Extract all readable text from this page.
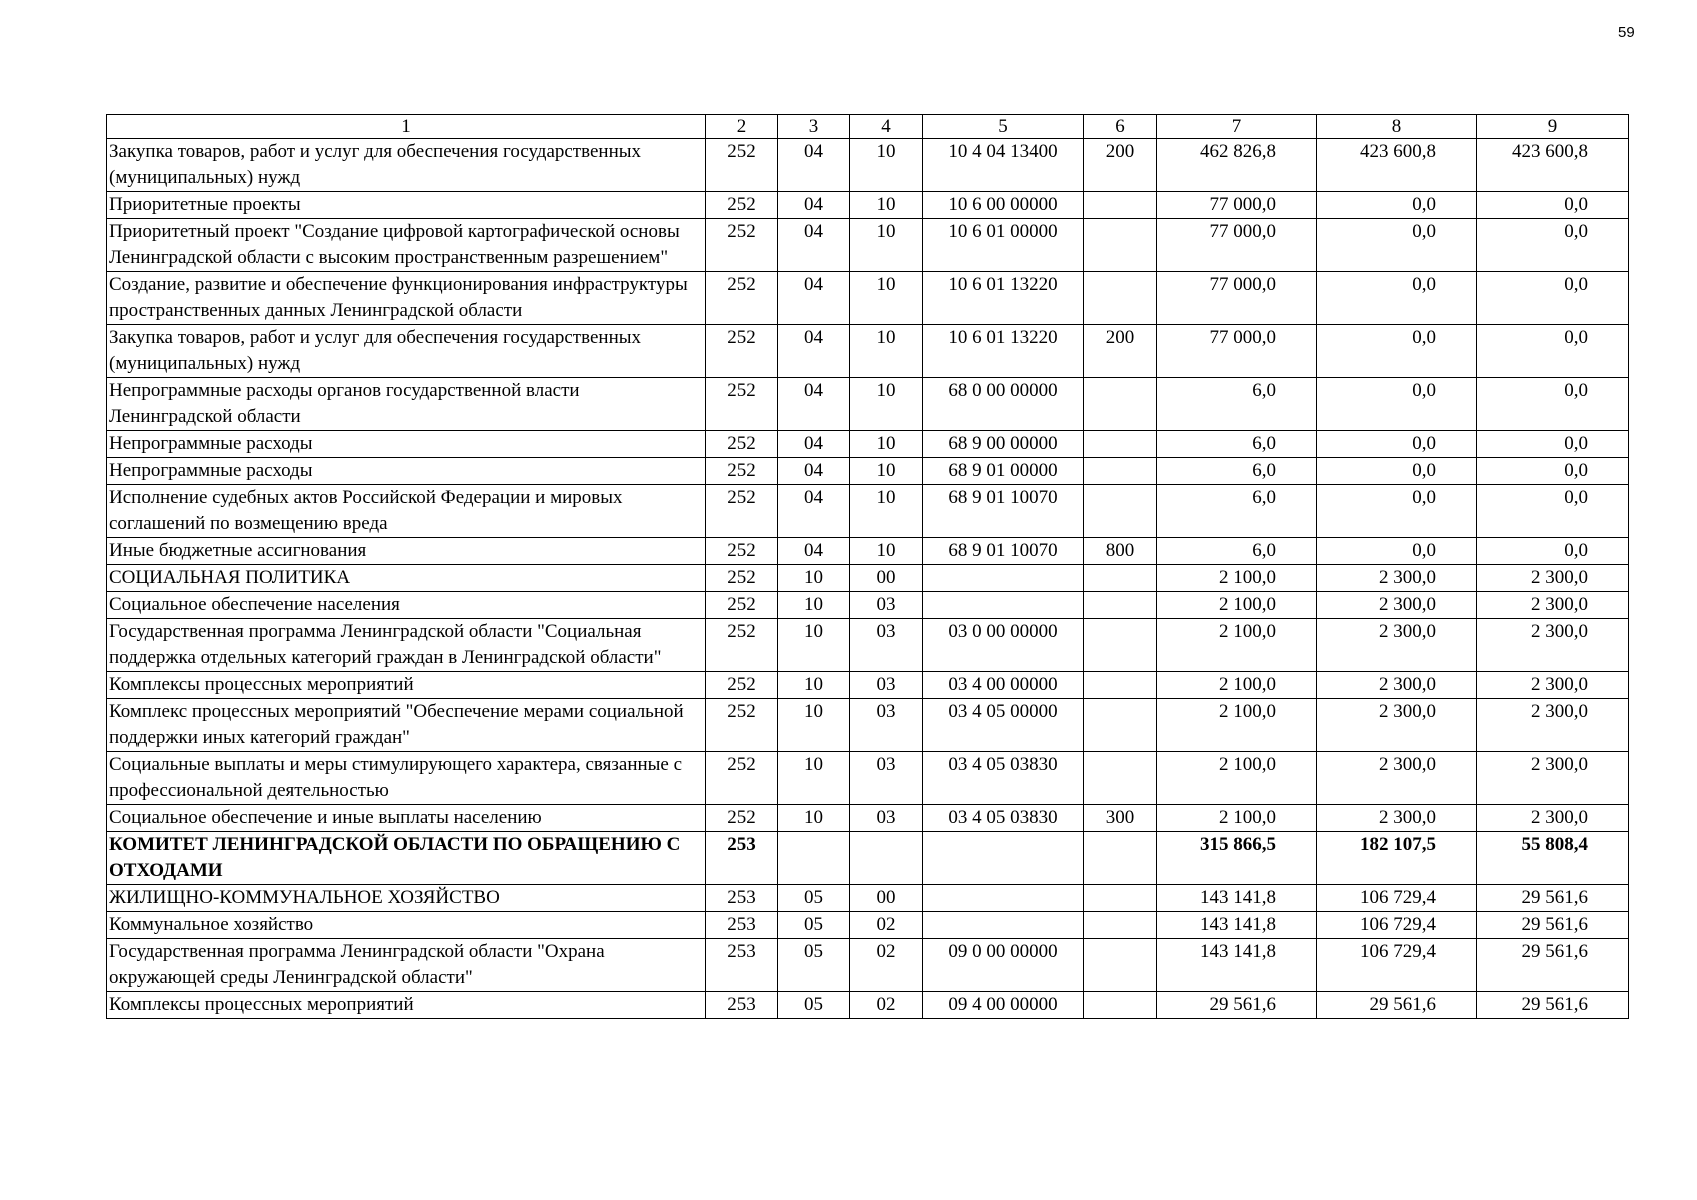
59
1	2	3	4	5	6	7	8	9
Закупка товаров, работ и услуг для обеспечения государственных (муниципальных) нужд	252	04	10	10 4 04 13400	200	462 826,8	423 600,8	423 600,8
Приоритетные проекты	252	04	10	10 6 00 00000		77 000,0	0,0	0,0
Приоритетный проект "Создание цифровой картографической основы Ленинградской области с высоким пространственным разрешением"	252	04	10	10 6 01 00000		77 000,0	0,0	0,0
Создание, развитие и обеспечение функционирования инфраструктуры пространственных данных Ленинградской области	252	04	10	10 6 01 13220		77 000,0	0,0	0,0
Закупка товаров, работ и услуг для обеспечения государственных (муниципальных) нужд	252	04	10	10 6 01 13220	200	77 000,0	0,0	0,0
Непрограммные расходы органов государственной власти Ленинградской области	252	04	10	68 0 00 00000		6,0	0,0	0,0
Непрограммные расходы	252	04	10	68 9 00 00000		6,0	0,0	0,0
Непрограммные расходы	252	04	10	68 9 01 00000		6,0	0,0	0,0
Исполнение судебных актов Российской Федерации и мировых соглашений по возмещению вреда	252	04	10	68 9 01 10070		6,0	0,0	0,0
Иные бюджетные ассигнования	252	04	10	68 9 01 10070	800	6,0	0,0	0,0
СОЦИАЛЬНАЯ ПОЛИТИКА	252	10	00			2 100,0	2 300,0	2 300,0
Социальное обеспечение населения	252	10	03			2 100,0	2 300,0	2 300,0
Государственная программа Ленинградской области "Социальная поддержка отдельных категорий граждан в Ленинградской области"	252	10	03	03 0 00 00000		2 100,0	2 300,0	2 300,0
Комплексы процессных мероприятий	252	10	03	03 4 00 00000		2 100,0	2 300,0	2 300,0
Комплекс процессных мероприятий "Обеспечение мерами социальной поддержки иных категорий граждан"	252	10	03	03 4 05 00000		2 100,0	2 300,0	2 300,0
Социальные выплаты и меры стимулирующего характера, связанные с профессиональной деятельностью	252	10	03	03 4 05 03830		2 100,0	2 300,0	2 300,0
Социальное обеспечение и иные выплаты населению	252	10	03	03 4 05 03830	300	2 100,0	2 300,0	2 300,0
КОМИТЕТ ЛЕНИНГРАДСКОЙ ОБЛАСТИ ПО ОБРАЩЕНИЮ С ОТХОДАМИ	253					315 866,5	182 107,5	55 808,4
ЖИЛИЩНО-КОММУНАЛЬНОЕ ХОЗЯЙСТВО	253	05	00			143 141,8	106 729,4	29 561,6
Коммунальное хозяйство	253	05	02			143 141,8	106 729,4	29 561,6
Государственная программа Ленинградской области "Охрана окружающей среды Ленинградской области"	253	05	02	09 0 00 00000		143 141,8	106 729,4	29 561,6
Комплексы процессных мероприятий	253	05	02	09 4 00 00000		29 561,6	29 561,6	29 561,6
